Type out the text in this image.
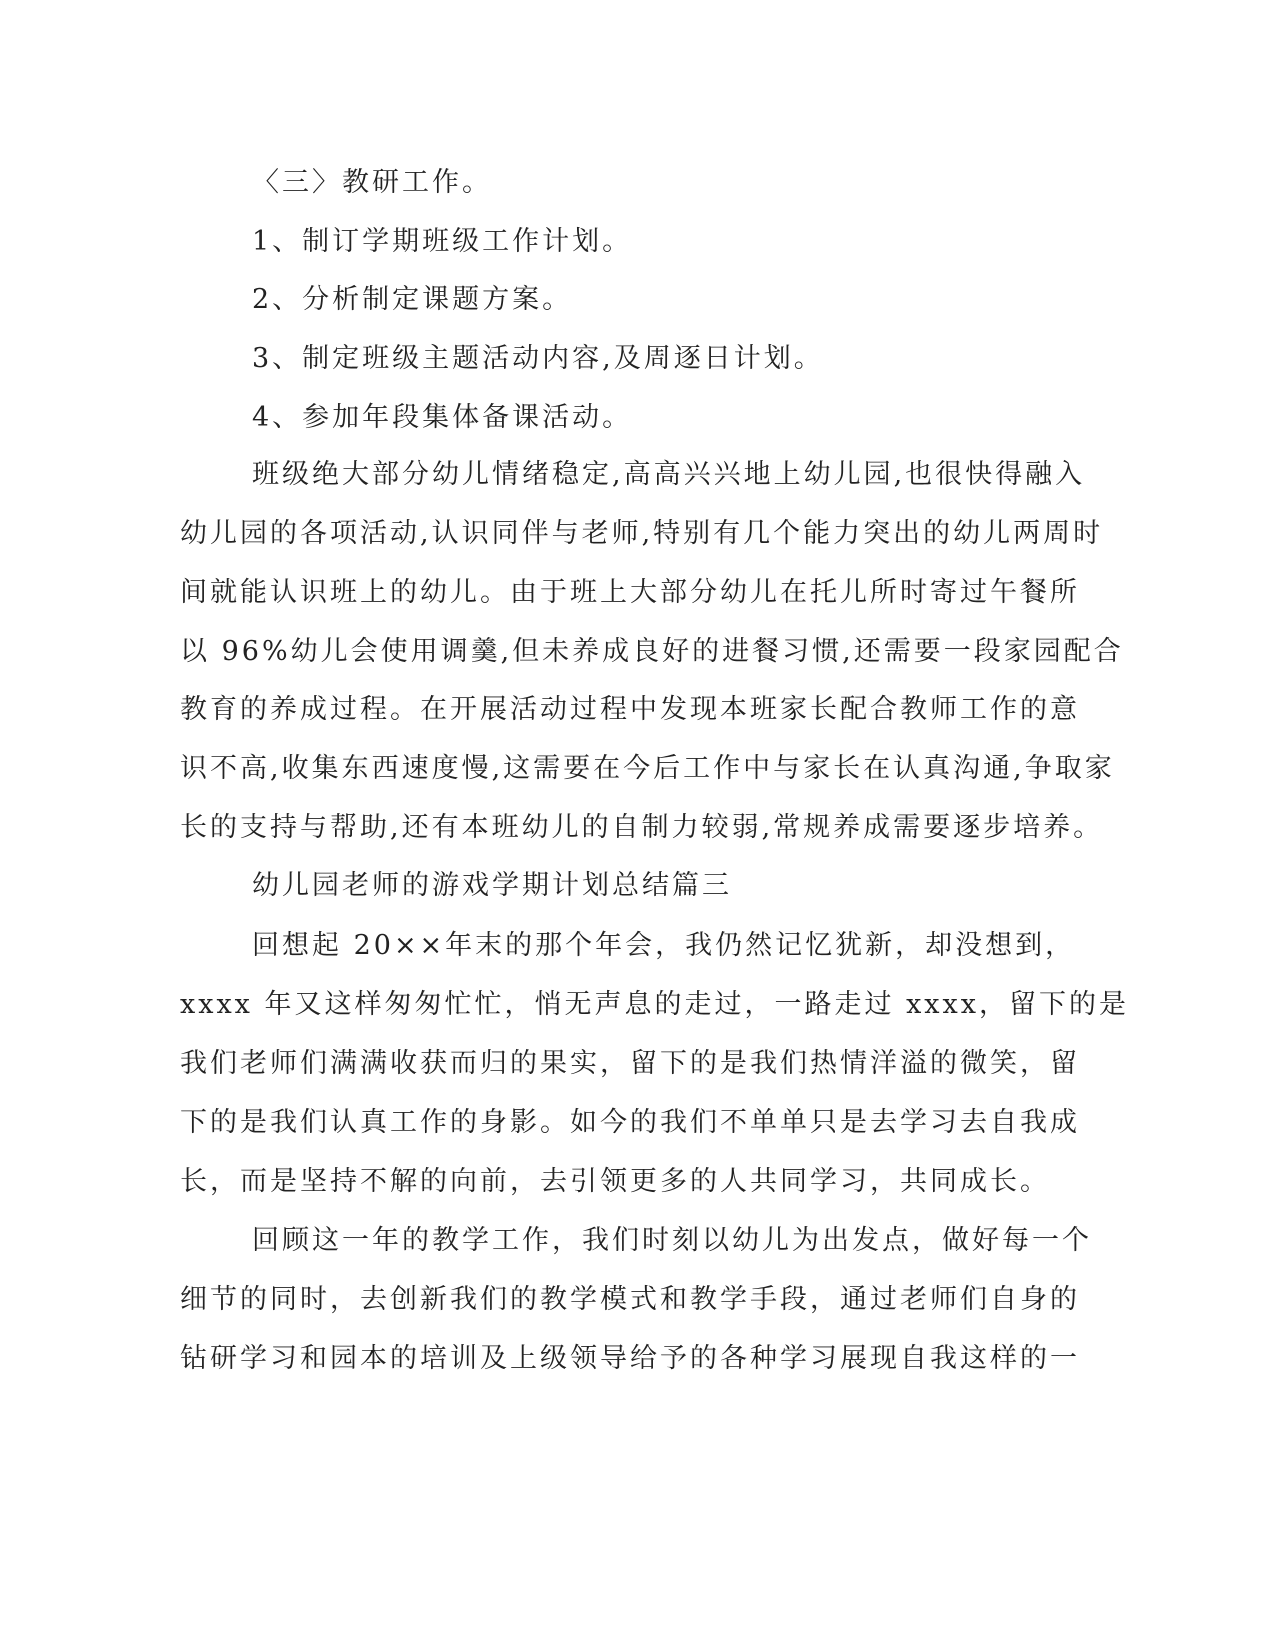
〈三〉教研工作。
1、制订学期班级工作计划。
2、分析制定课题方案。
3、制定班级主题活动内容,及周逐日计划。
4、参加年段集体备课活动。
班级绝大部分幼儿情绪稳定,高高兴兴地上幼儿园,也很快得融入
幼儿园的各项活动,认识同伴与老师,特别有几个能力突出的幼儿两周时
间就能认识班上的幼儿。由于班上大部分幼儿在托儿所时寄过午餐所
以 96%幼儿会使用调羹,但未养成良好的进餐习惯,还需要一段家园配合
教育的养成过程。在开展活动过程中发现本班家长配合教师工作的意
识不高,收集东西速度慢,这需要在今后工作中与家长在认真沟通,争取家
长的支持与帮助,还有本班幼儿的自制力较弱,常规养成需要逐步培养。
幼儿园老师的游戏学期计划总结篇三
回想起 20××年末的那个年会，我仍然记忆犹新，却没想到，
xxxx 年又这样匆匆忙忙，悄无声息的走过，一路走过 xxxx，留下的是
我们老师们满满收获而归的果实，留下的是我们热情洋溢的微笑，留
下的是我们认真工作的身影。如今的我们不单单只是去学习去自我成
长，而是坚持不解的向前，去引领更多的人共同学习，共同成长。
回顾这一年的教学工作，我们时刻以幼儿为出发点，做好每一个
细节的同时，去创新我们的教学模式和教学手段，通过老师们自身的
钻研学习和园本的培训及上级领导给予的各种学习展现自我这样的一
